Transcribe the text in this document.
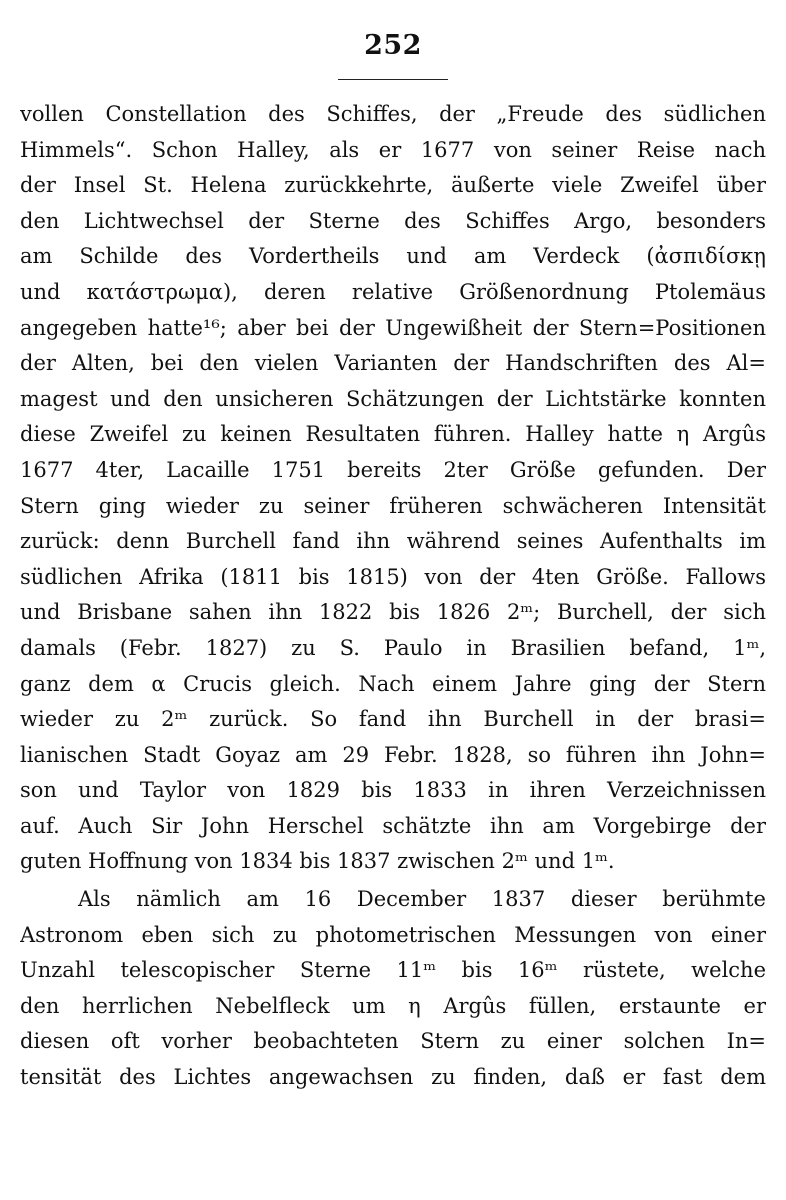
252
vollen Constellation des Schiffes, der „Freude des südlichen
Himmels“. Schon Halley, als er 1677 von seiner Reise nach
der Insel St. Helena zurückkehrte, äußerte viele Zweifel über
den Lichtwechsel der Sterne des Schiffes Argo, besonders
am Schilde des Vordertheils und am Verdeck (ἀσπιδίσκῃ
und κατάστρωμα), deren relative Größenordnung Ptolemäus
angegeben hatte¹⁶; aber bei der Ungewißheit der Stern=Positionen
der Alten, bei den vielen Varianten der Handschriften des Al=
magest und den unsicheren Schätzungen der Lichtstärke konnten
diese Zweifel zu keinen Resultaten führen. Halley hatte η Argûs
1677 4ter, Lacaille 1751 bereits 2ter Größe gefunden. Der
Stern ging wieder zu seiner früheren schwächeren Intensität
zurück: denn Burchell fand ihn während seines Aufenthalts im
südlichen Afrika (1811 bis 1815) von der 4ten Größe. Fallows
und Brisbane sahen ihn 1822 bis 1826 2ᵐ; Burchell, der sich
damals (Febr. 1827) zu S. Paulo in Brasilien befand, 1ᵐ,
ganz dem α Crucis gleich. Nach einem Jahre ging der Stern
wieder zu 2ᵐ zurück. So fand ihn Burchell in der brasi=
lianischen Stadt Goyaz am 29 Febr. 1828, so führen ihn John=
son und Taylor von 1829 bis 1833 in ihren Verzeichnissen
auf. Auch Sir John Herschel schätzte ihn am Vorgebirge der
guten Hoffnung von 1834 bis 1837 zwischen 2ᵐ und 1ᵐ.
Als nämlich am 16 December 1837 dieser berühmte
Astronom eben sich zu photometrischen Messungen von einer
Unzahl telescopischer Sterne 11ᵐ bis 16ᵐ rüstete, welche
den herrlichen Nebelfleck um η Argûs füllen, erstaunte er
diesen oft vorher beobachteten Stern zu einer solchen In=
tensität des Lichtes angewachsen zu finden, daß er fast dem
